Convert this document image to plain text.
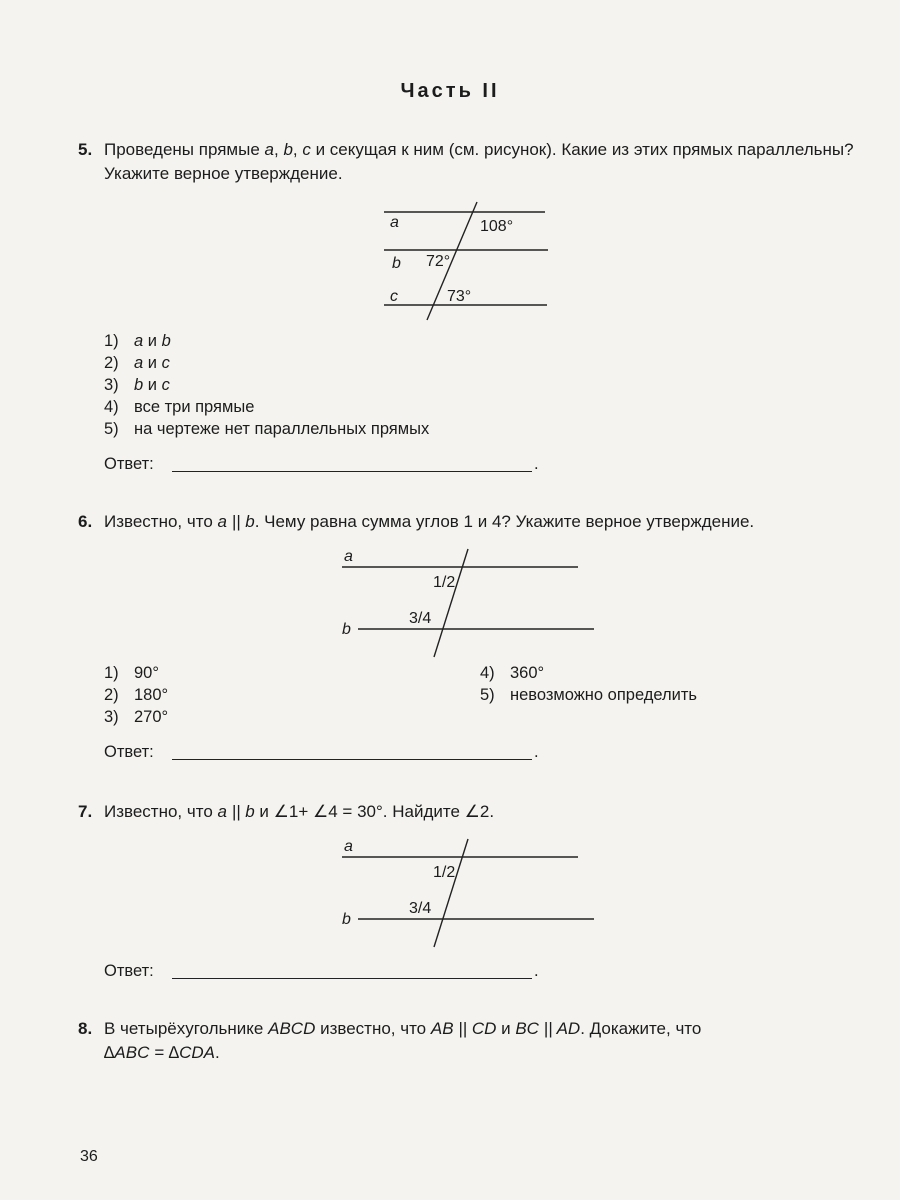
Часть II
5. Проведены прямые a, b, c и секущая к ним (см. рисунок). Какие из этих прямых параллельны? Укажите верное утверждение.
a
b
c
108°
72°
73°
1) a и b
2) a и c
3) b и c
4) все три прямые
5) на чертеже нет параллельных прямых
Ответ:	.
6. Известно, что a || b. Чему равна сумма углов 1 и 4? Укажите верное утверждение.
a
b
1/2
3/4
1) 90°
2) 180°
3) 270°
4) 360°
5) невозможно определить
Ответ:	.
7. Известно, что a || b и ∠1+ ∠4 = 30°. Найдите ∠2.
a
b
1/2
3/4
Ответ:	.
8. В четырёхугольнике ABCD известно, что AB || CD и BC || AD. Докажите, что
∆ABC = ∆CDA.
36
